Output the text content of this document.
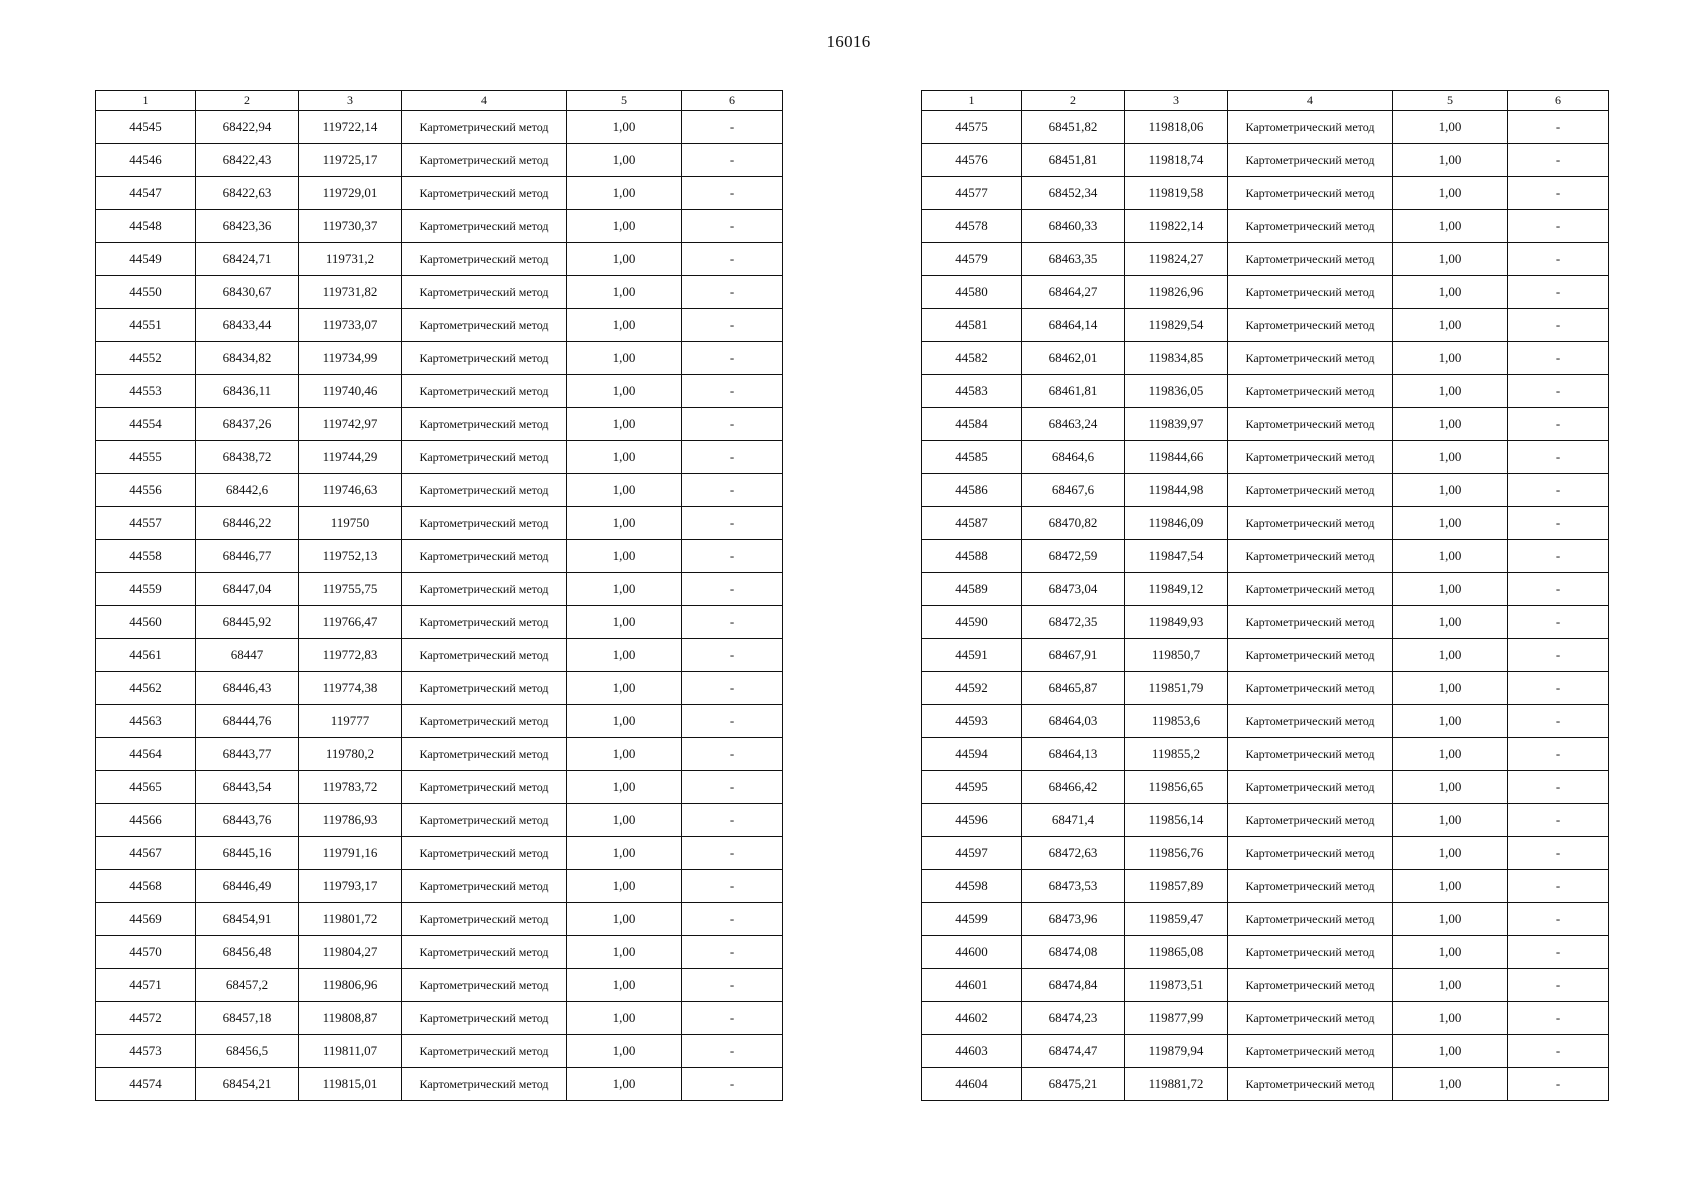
16016
1	2	3	4	5	6
44545	68422,94	119722,14	Картометрический метод	1,00	-
44546	68422,43	119725,17	Картометрический метод	1,00	-
44547	68422,63	119729,01	Картометрический метод	1,00	-
44548	68423,36	119730,37	Картометрический метод	1,00	-
44549	68424,71	119731,2	Картометрический метод	1,00	-
44550	68430,67	119731,82	Картометрический метод	1,00	-
44551	68433,44	119733,07	Картометрический метод	1,00	-
44552	68434,82	119734,99	Картометрический метод	1,00	-
44553	68436,11	119740,46	Картометрический метод	1,00	-
44554	68437,26	119742,97	Картометрический метод	1,00	-
44555	68438,72	119744,29	Картометрический метод	1,00	-
44556	68442,6	119746,63	Картометрический метод	1,00	-
44557	68446,22	119750	Картометрический метод	1,00	-
44558	68446,77	119752,13	Картометрический метод	1,00	-
44559	68447,04	119755,75	Картометрический метод	1,00	-
44560	68445,92	119766,47	Картометрический метод	1,00	-
44561	68447	119772,83	Картометрический метод	1,00	-
44562	68446,43	119774,38	Картометрический метод	1,00	-
44563	68444,76	119777	Картометрический метод	1,00	-
44564	68443,77	119780,2	Картометрический метод	1,00	-
44565	68443,54	119783,72	Картометрический метод	1,00	-
44566	68443,76	119786,93	Картометрический метод	1,00	-
44567	68445,16	119791,16	Картометрический метод	1,00	-
44568	68446,49	119793,17	Картометрический метод	1,00	-
44569	68454,91	119801,72	Картометрический метод	1,00	-
44570	68456,48	119804,27	Картометрический метод	1,00	-
44571	68457,2	119806,96	Картометрический метод	1,00	-
44572	68457,18	119808,87	Картометрический метод	1,00	-
44573	68456,5	119811,07	Картометрический метод	1,00	-
44574	68454,21	119815,01	Картометрический метод	1,00	-
1	2	3	4	5	6
44575	68451,82	119818,06	Картометрический метод	1,00	-
44576	68451,81	119818,74	Картометрический метод	1,00	-
44577	68452,34	119819,58	Картометрический метод	1,00	-
44578	68460,33	119822,14	Картометрический метод	1,00	-
44579	68463,35	119824,27	Картометрический метод	1,00	-
44580	68464,27	119826,96	Картометрический метод	1,00	-
44581	68464,14	119829,54	Картометрический метод	1,00	-
44582	68462,01	119834,85	Картометрический метод	1,00	-
44583	68461,81	119836,05	Картометрический метод	1,00	-
44584	68463,24	119839,97	Картометрический метод	1,00	-
44585	68464,6	119844,66	Картометрический метод	1,00	-
44586	68467,6	119844,98	Картометрический метод	1,00	-
44587	68470,82	119846,09	Картометрический метод	1,00	-
44588	68472,59	119847,54	Картометрический метод	1,00	-
44589	68473,04	119849,12	Картометрический метод	1,00	-
44590	68472,35	119849,93	Картометрический метод	1,00	-
44591	68467,91	119850,7	Картометрический метод	1,00	-
44592	68465,87	119851,79	Картометрический метод	1,00	-
44593	68464,03	119853,6	Картометрический метод	1,00	-
44594	68464,13	119855,2	Картометрический метод	1,00	-
44595	68466,42	119856,65	Картометрический метод	1,00	-
44596	68471,4	119856,14	Картометрический метод	1,00	-
44597	68472,63	119856,76	Картометрический метод	1,00	-
44598	68473,53	119857,89	Картометрический метод	1,00	-
44599	68473,96	119859,47	Картометрический метод	1,00	-
44600	68474,08	119865,08	Картометрический метод	1,00	-
44601	68474,84	119873,51	Картометрический метод	1,00	-
44602	68474,23	119877,99	Картометрический метод	1,00	-
44603	68474,47	119879,94	Картометрический метод	1,00	-
44604	68475,21	119881,72	Картометрический метод	1,00	-
